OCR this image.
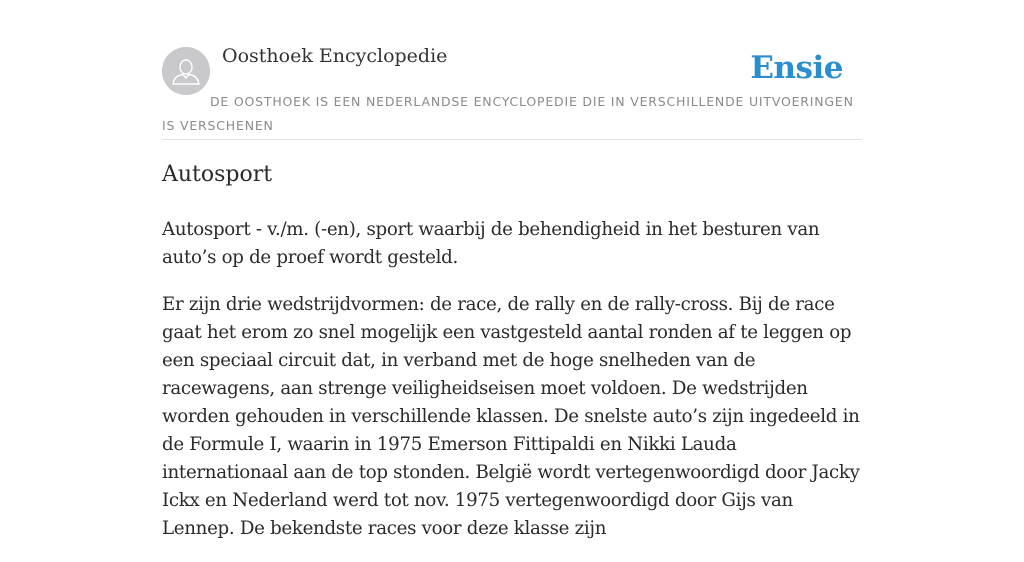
Oosthoek Encyclopedie	Ensie
DE OOSTHOEK IS EEN NEDERLANDSE ENCYCLOPEDIE DIE IN VERSCHILLENDE UITVOERINGEN IS VERSCHENEN
Autosport

Autosport - v./m. (-en), sport waarbij de behendigheid in het besturen van auto’s op de proef wordt gesteld.

Er zijn drie wedstrijdvormen: de race, de rally en de rally-cross. Bij de race gaat het erom zo snel mogelijk een vastgesteld aantal ronden af te leggen op een speciaal circuit dat, in verband met de hoge snelheden van de racewagens, aan strenge veiligheidseisen moet voldoen. De wedstrijden worden gehouden in verschillende klassen. De snelste auto’s zijn ingedeeld in de Formule I, waarin in 1975 Emerson Fittipaldi en Nikki Lauda internationaal aan de top stonden. België wordt vertegenwoordigd door Jacky Ickx en Nederland werd tot nov. 1975 vertegenwoordigd door Gijs van Lennep. De bekendste races voor deze klasse zijn
